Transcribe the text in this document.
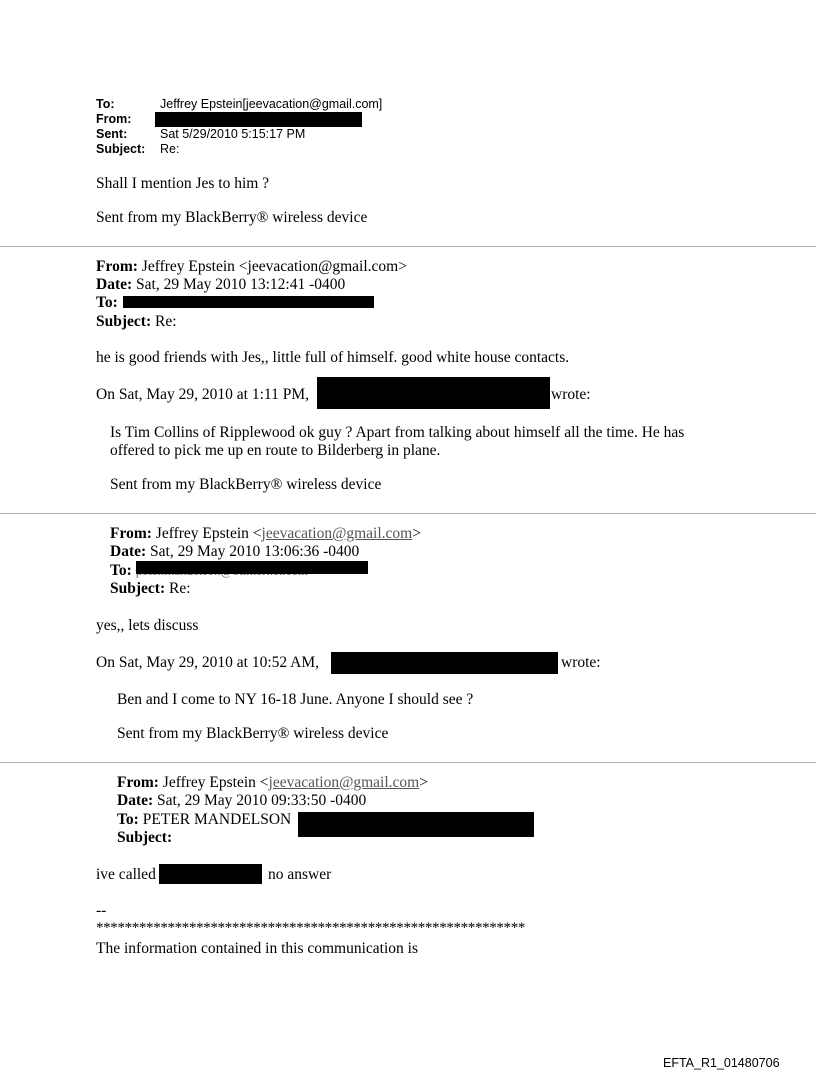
To:	Jeffrey Epstein[jeevacation@gmail.com]
From:
Sent:	Sat 5/29/2010 5:15:17 PM
Subject: Re:
Shall I mention Jes to him ?
Sent from my BlackBerry® wireless device
From: Jeffrey Epstein <jeevacation@gmail.com>
Date: Sat, 29 May 2010 13:12:41 -0400
To:
Subject: Re:
he is good friends with Jes,, little full of himself. good white house contacts.
On Sat, May 29, 2010 at 1:11 PM,	wrote:
Is Tim Collins of Ripplewood ok guy ? Apart from talking about himself all the time. He has
offered to pick me up en route to Bilderberg in plane.
Sent from my BlackBerry® wireless device
From: Jeffrey Epstein <jeevacation@gmail.com>
Date: Sat, 29 May 2010 13:06:36 -0400
To:
Subject: Re:
yes,, lets discuss
On Sat, May 29, 2010 at 10:52 AM,	wrote:
Ben and I come to NY 16-18 June. Anyone I should see ?
Sent from my BlackBerry® wireless device
From: Jeffrey Epstein <jeevacation@gmail.com>
Date: Sat, 29 May 2010 09:33:50 -0400
To: PETER MANDELSON
Subject:
ive called	no answer
--
************************************************************
The information contained in this communication is
EFTA_R1_01480706
